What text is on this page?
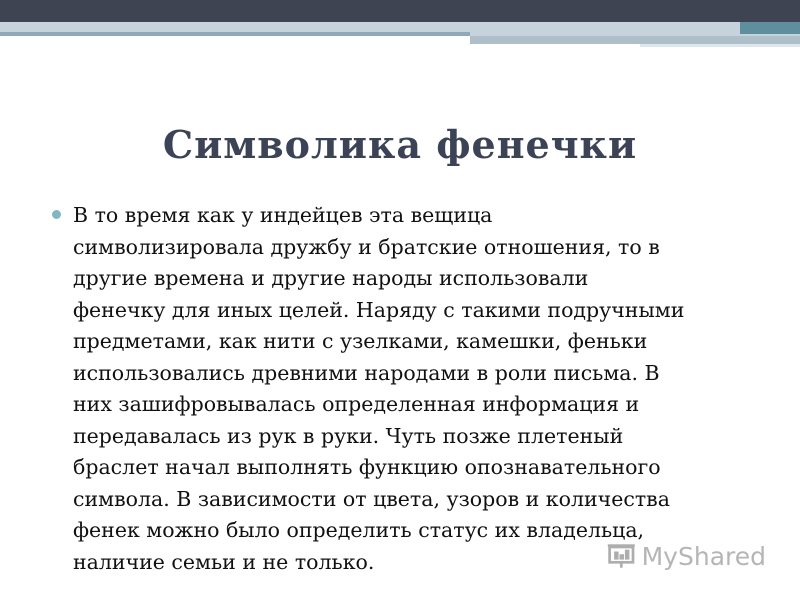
Символика фенечки

В то время как у индейцев эта вещица
символизировала дружбу и братские отношения, то в
другие времена и другие народы использовали
фенечку для иных целей. Наряду с такими подручными
предметами, как нити с узелками, камешки, феньки
использовались древними народами в роли письма. В
них зашифровывалась определенная информация и
передавалась из рук в руки. Чуть позже плетеный
браслет начал выполнять функцию опознавательного
символа. В зависимости от цвета, узоров и количества
фенек можно было определить статус их владельца,
наличие семьи и не только.	MyShared
